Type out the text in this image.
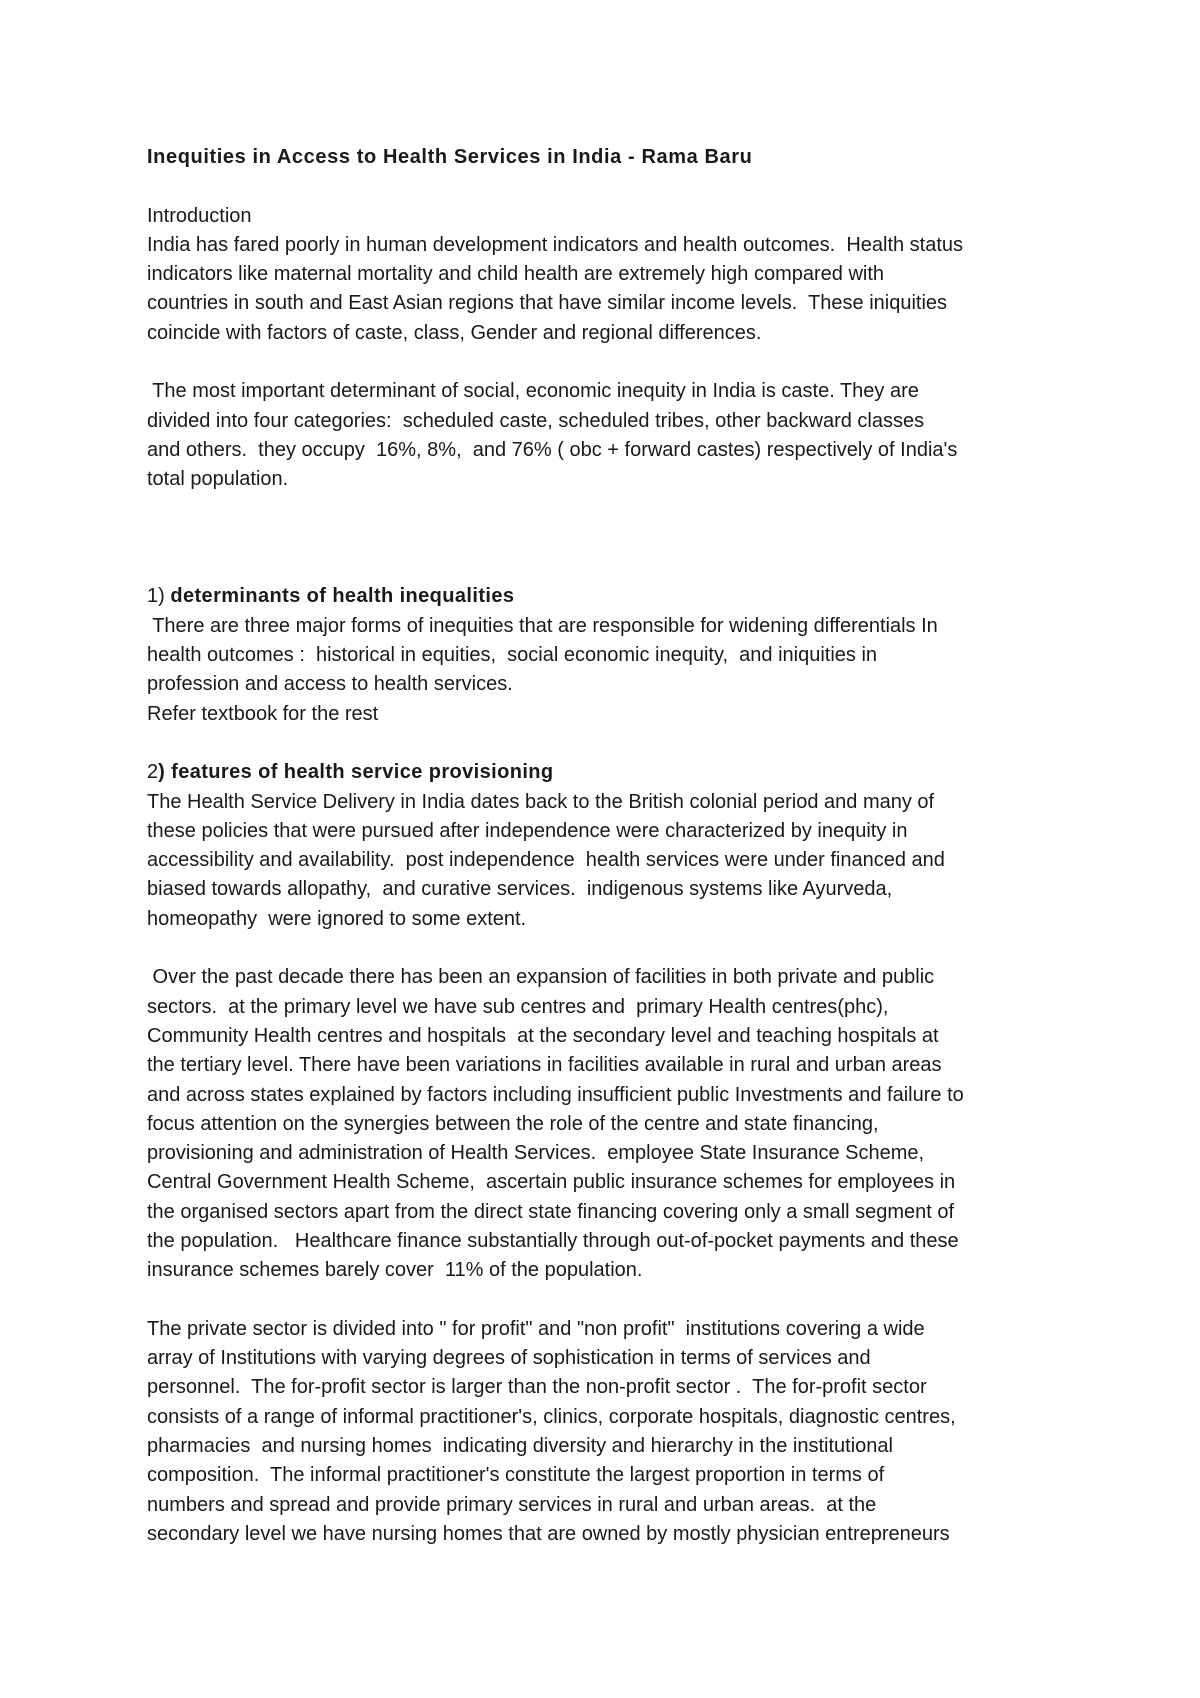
Inequities in Access to Health Services in India - Rama Baru
Introduction
India has fared poorly in human development indicators and health outcomes.  Health status
indicators like maternal mortality and child health are extremely high compared with
countries in south and East Asian regions that have similar income levels.  These iniquities
coincide with factors of caste, class, Gender and regional differences.
The most important determinant of social, economic inequity in India is caste. They are
divided into four categories:  scheduled caste, scheduled tribes, other backward classes
and others.  they occupy  16%, 8%,  and 76% ( obc + forward castes) respectively of India's
total population.
1) determinants of health inequalities
There are three major forms of inequities that are responsible for widening differentials In
health outcomes :  historical in equities,  social economic inequity,  and iniquities in
profession and access to health services.
Refer textbook for the rest
2) features of health service provisioning
The Health Service Delivery in India dates back to the British colonial period and many of
these policies that were pursued after independence were characterized by inequity in
accessibility and availability.  post independence  health services were under financed and
biased towards allopathy,  and curative services.  indigenous systems like Ayurveda,
homeopathy  were ignored to some extent.
Over the past decade there has been an expansion of facilities in both private and public
sectors.  at the primary level we have sub centres and  primary Health centres(phc),
Community Health centres and hospitals  at the secondary level and teaching hospitals at
the tertiary level. There have been variations in facilities available in rural and urban areas
and across states explained by factors including insufficient public Investments and failure to
focus attention on the synergies between the role of the centre and state financing,
provisioning and administration of Health Services.  employee State Insurance Scheme,
Central Government Health Scheme,  ascertain public insurance schemes for employees in
the organised sectors apart from the direct state financing covering only a small segment of
the population.   Healthcare finance substantially through out-of-pocket payments and these
insurance schemes barely cover  11% of the population.
The private sector is divided into " for profit" and "non profit"  institutions covering a wide
array of Institutions with varying degrees of sophistication in terms of services and
personnel.  The for-profit sector is larger than the non-profit sector .  The for-profit sector
consists of a range of informal practitioner's, clinics, corporate hospitals, diagnostic centres,
pharmacies  and nursing homes  indicating diversity and hierarchy in the institutional
composition.  The informal practitioner's constitute the largest proportion in terms of
numbers and spread and provide primary services in rural and urban areas.  at the
secondary level we have nursing homes that are owned by mostly physician entrepreneurs
